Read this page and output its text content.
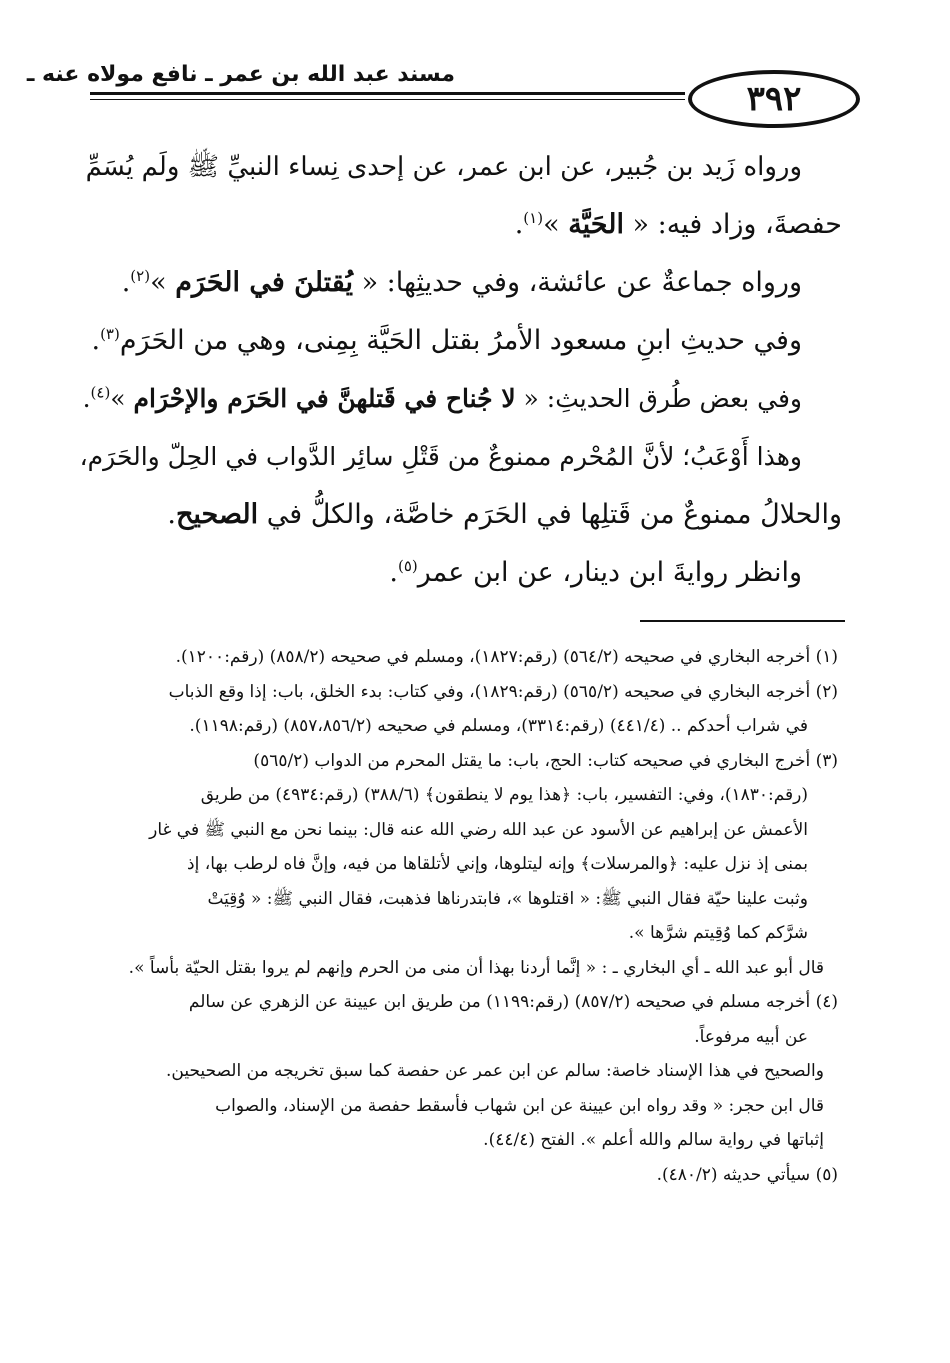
مسند عبد الله بن عمر ـ نافع مولاه عنه ـ
٣٩٢
ورواه زَيد بن جُبير، عن ابن عمر، عن إحدى نِساء النبيِّ ﷺ ولَم يُسَمِّ
حفصةَ، وزاد فيه: « الحَيَّة »$^{(١)}$.
ورواه جماعةٌ عن عائشة، وفي حديثِها: « يُقتلنَ في الحَرَم »$^{(٢)}$.
وفي حديثِ ابنِ مسعود الأمرُ بقتل الحَيَّة بِمِنى، وهي من الحَرَم$^{(٣)}$.
وفي بعض طُرق الحديثِ: « لا جُناح في قَتلهنَّ في الحَرَم والإحْرَام »$^{(٤)}$.
وهذا أَوْعَبُ؛ لأنَّ المُحْرم ممنوعٌ من قَتْلِ سائِر الدَّواب في الحِلّ والحَرَم،
والحلالُ ممنوعٌ من قَتلِها في الحَرَم خاصَّة، والكلُّ في الصحيح.
وانظر روايةَ ابن دينار، عن ابن عمر$^{(٥)}$.
(١) أخرجه البخاري في صحيحه (٥٦٤/٢) (رقم:١٨٢٧)، ومسلم في صحيحه (٨٥٨/٢) (رقم:١٢٠٠).
(٢) أخرجه البخاري في صحيحه (٥٦٥/٢) (رقم:١٨٢٩)، وفي كتاب: بدء الخلق، باب: إذا وقع الذباب
في شراب أحدكم .. (٤٤١/٤) (رقم:٣٣١٤)، ومسلم في صحيحه (٨٥٧،٨٥٦/٢) (رقم:١١٩٨).
(٣) أخرج البخاري في صحيحه كتاب: الحج، باب: ما يقتل المحرم من الدواب (٥٦٥/٢)
(رقم:١٨٣٠)، وفي: التفسير، باب: ﴿هذا يوم لا ينطقون﴾ (٣٨٨/٦) (رقم:٤٩٣٤) من طريق
الأعمش عن إبراهيم عن الأسود عن عبد الله رضي الله عنه قال: بينما نحن مع النبي ﷺ في غار
بمنى إذ نزل عليه: ﴿والمرسلات﴾ وإنه ليتلوها، وإني لأتلقاها من فيه، وإنَّ فاه لرطب بها، إذ
وثبت علينا حيّة فقال النبي ﷺ: « اقتلوها »، فابتدرناها فذهبت، فقال النبي ﷺ: « وُقِيَتْ
شرَّكم كما وُقِيتم شرَّها ».
قال أبو عبد الله ـ أي البخاري ـ : « إنَّما أردنا بهذا أن منى من الحرم وإنهم لم يروا بقتل الحيّة بأساً ».
(٤) أخرجه مسلم في صحيحه (٨٥٧/٢) (رقم:١١٩٩) من طريق ابن عيينة عن الزهري عن سالم
عن أبيه مرفوعاً.
والصحيح في هذا الإسناد خاصة: سالم عن ابن عمر عن حفصة كما سبق تخريجه من الصحيحين.
قال ابن حجر: « وقد رواه ابن عيينة عن ابن شهاب فأسقط حفصة من الإسناد، والصواب
إثباتها في رواية سالم والله أعلم ». الفتح (٤٤/٤).
(٥) سيأتي حديثه (٤٨٠/٢).
